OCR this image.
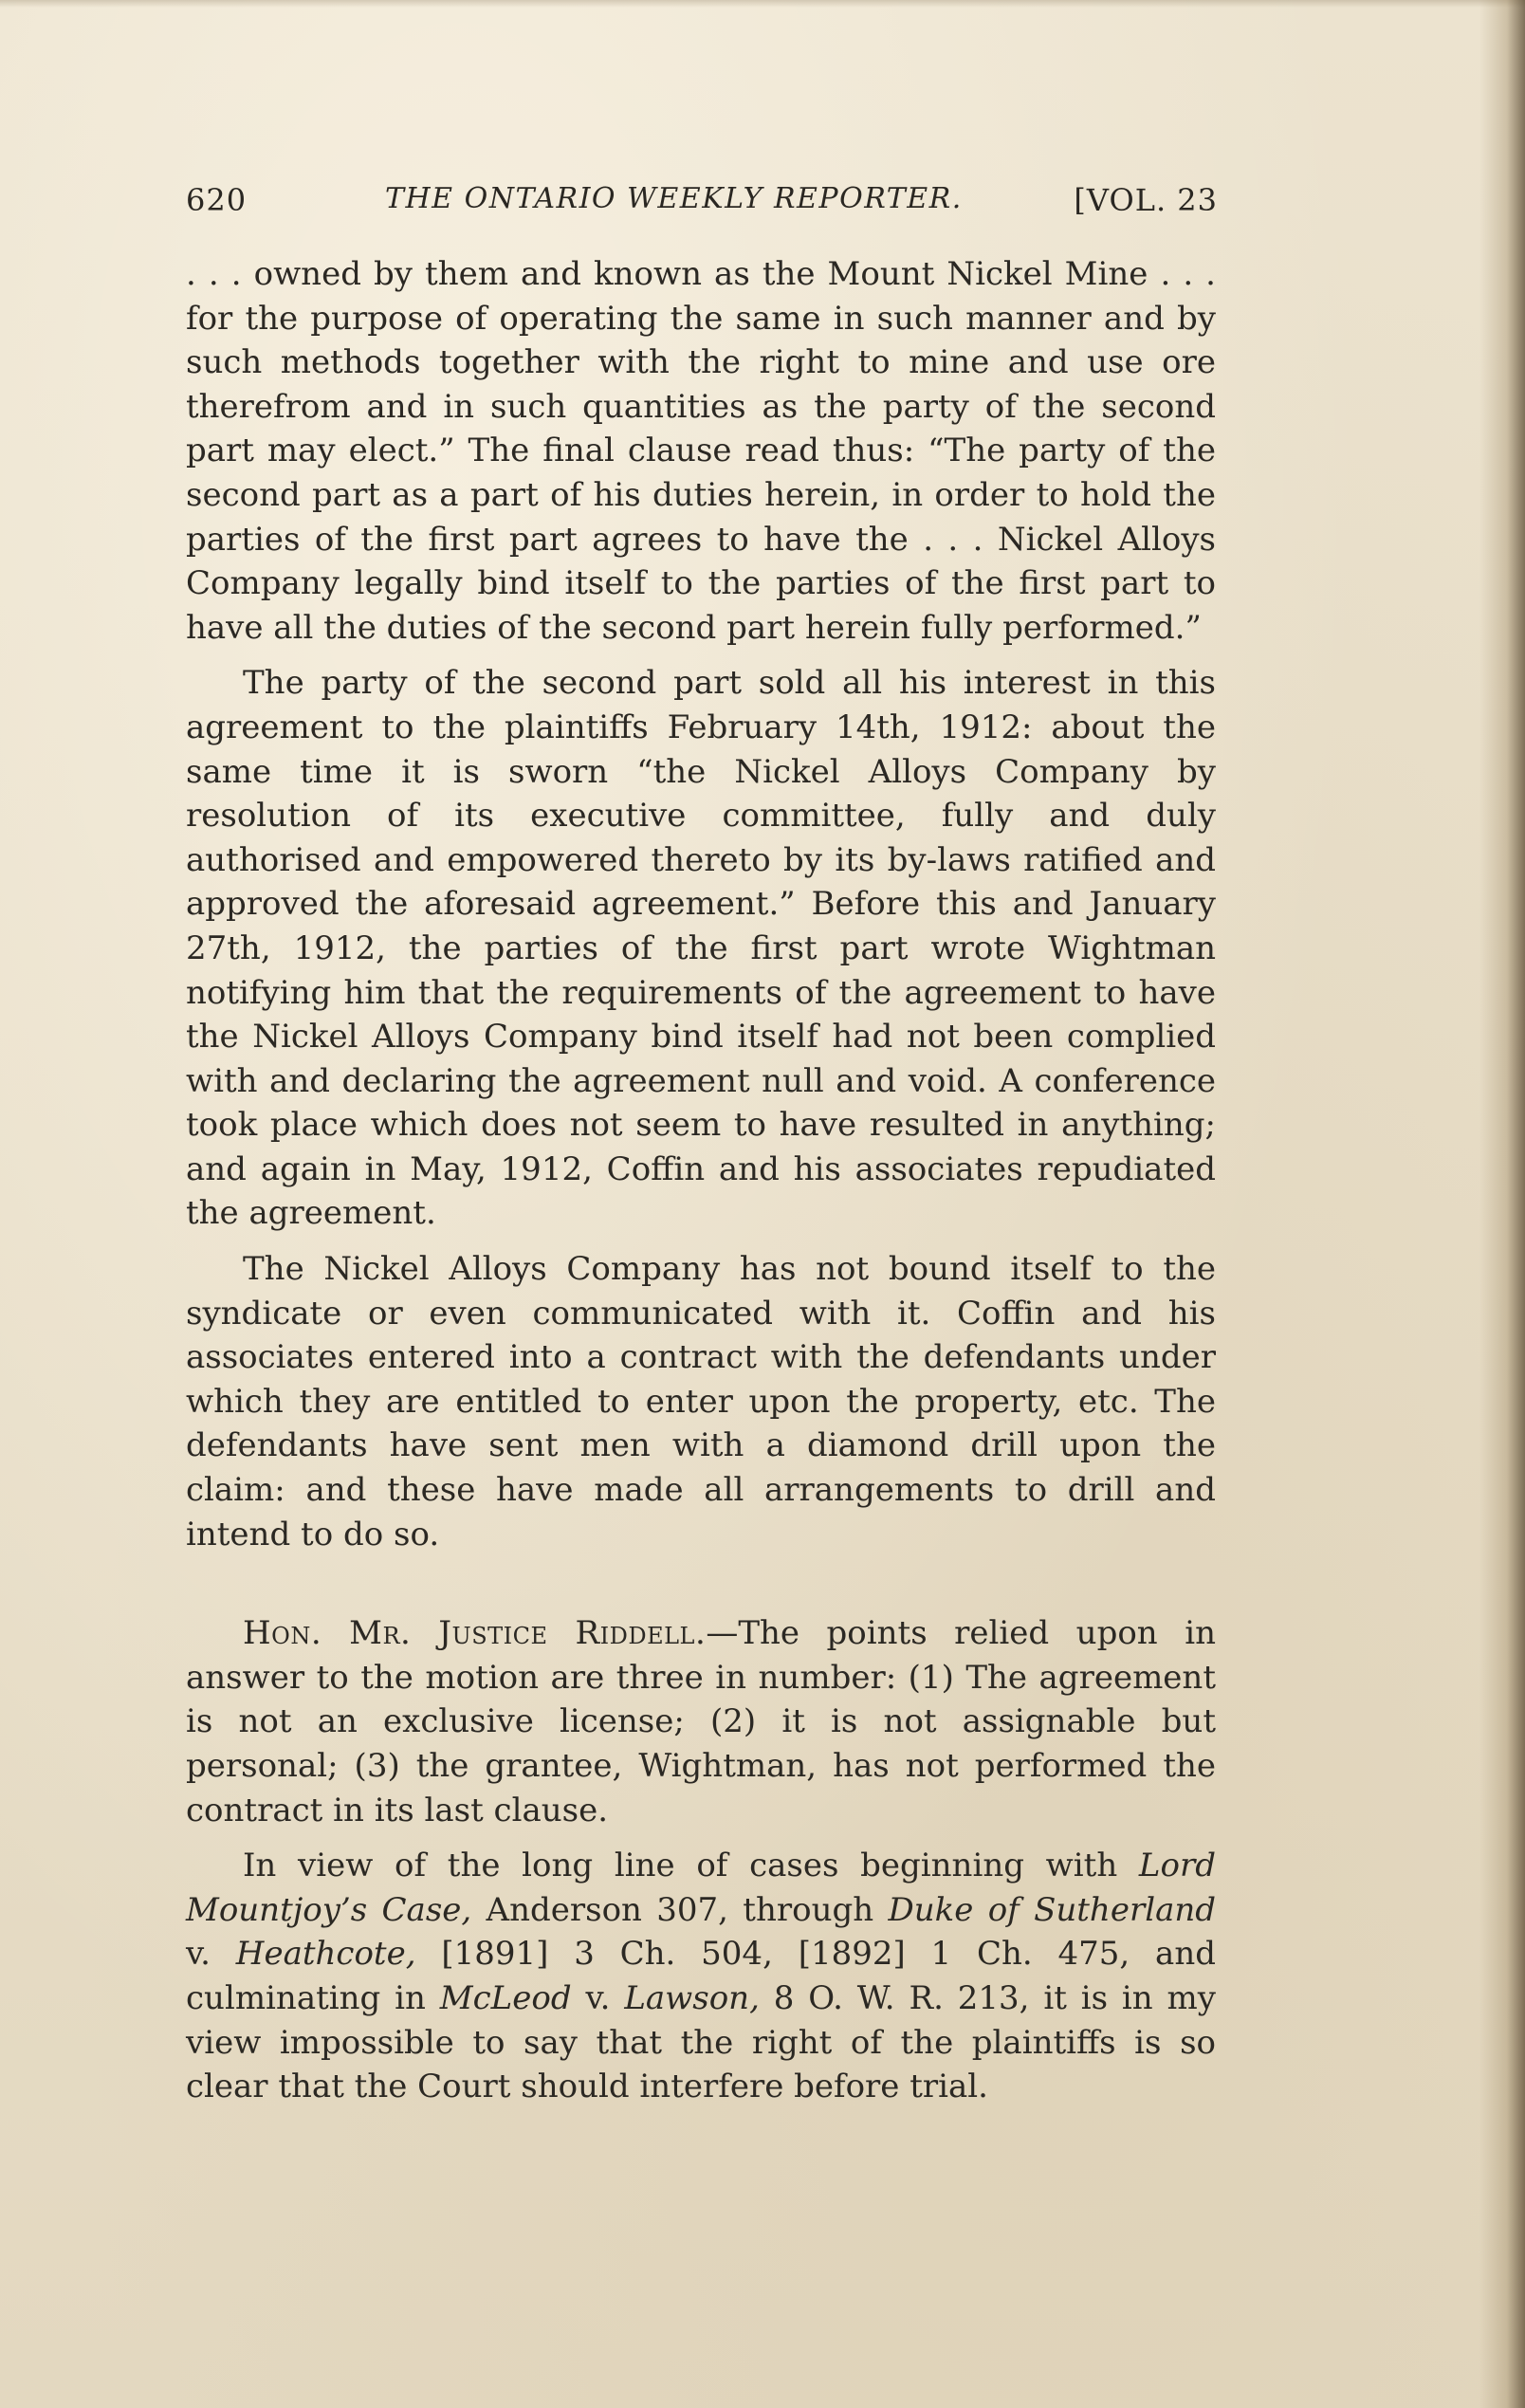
620	THE ONTARIO WEEKLY REPORTER.	[VOL. 23

. . . owned by them and known as the Mount Nickel Mine . . . for the purpose of operating the same in such manner and by such methods together with the right to mine and use ore therefrom and in such quantities as the party of the second part may elect.” The final clause read thus: “The party of the second part as a part of his duties herein, in order to hold the parties of the first part agrees to have the . . . Nickel Alloys Company legally bind itself to the parties of the first part to have all the duties of the second part herein fully performed.”

The party of the second part sold all his interest in this agreement to the plaintiffs February 14th, 1912: about the same time it is sworn “the Nickel Alloys Company by resolution of its executive committee, fully and duly authorised and empowered thereto by its by-laws ratified and approved the aforesaid agreement.” Before this and January 27th, 1912, the parties of the first part wrote Wightman notifying him that the requirements of the agreement to have the Nickel Alloys Company bind itself had not been complied with and declaring the agreement null and void. A conference took place which does not seem to have resulted in anything; and again in May, 1912, Coffin and his associates repudiated the agreement.

The Nickel Alloys Company has not bound itself to the syndicate or even communicated with it. Coffin and his associates entered into a contract with the defendants under which they are entitled to enter upon the property, etc. The defendants have sent men with a diamond drill upon the claim: and these have made all arrangements to drill and intend to do so.

Hon. Mr. Justice Riddell.—The points relied upon in answer to the motion are three in number: (1) The agreement is not an exclusive license; (2) it is not assignable but personal; (3) the grantee, Wightman, has not performed the contract in its last clause.

In view of the long line of cases beginning with Lord Mountjoy’s Case, Anderson 307, through Duke of Sutherland v. Heathcote, [1891] 3 Ch. 504, [1892] 1 Ch. 475, and culminating in McLeod v. Lawson, 8 O. W. R. 213, it is in my view impossible to say that the right of the plaintiffs is so clear that the Court should interfere before trial.
